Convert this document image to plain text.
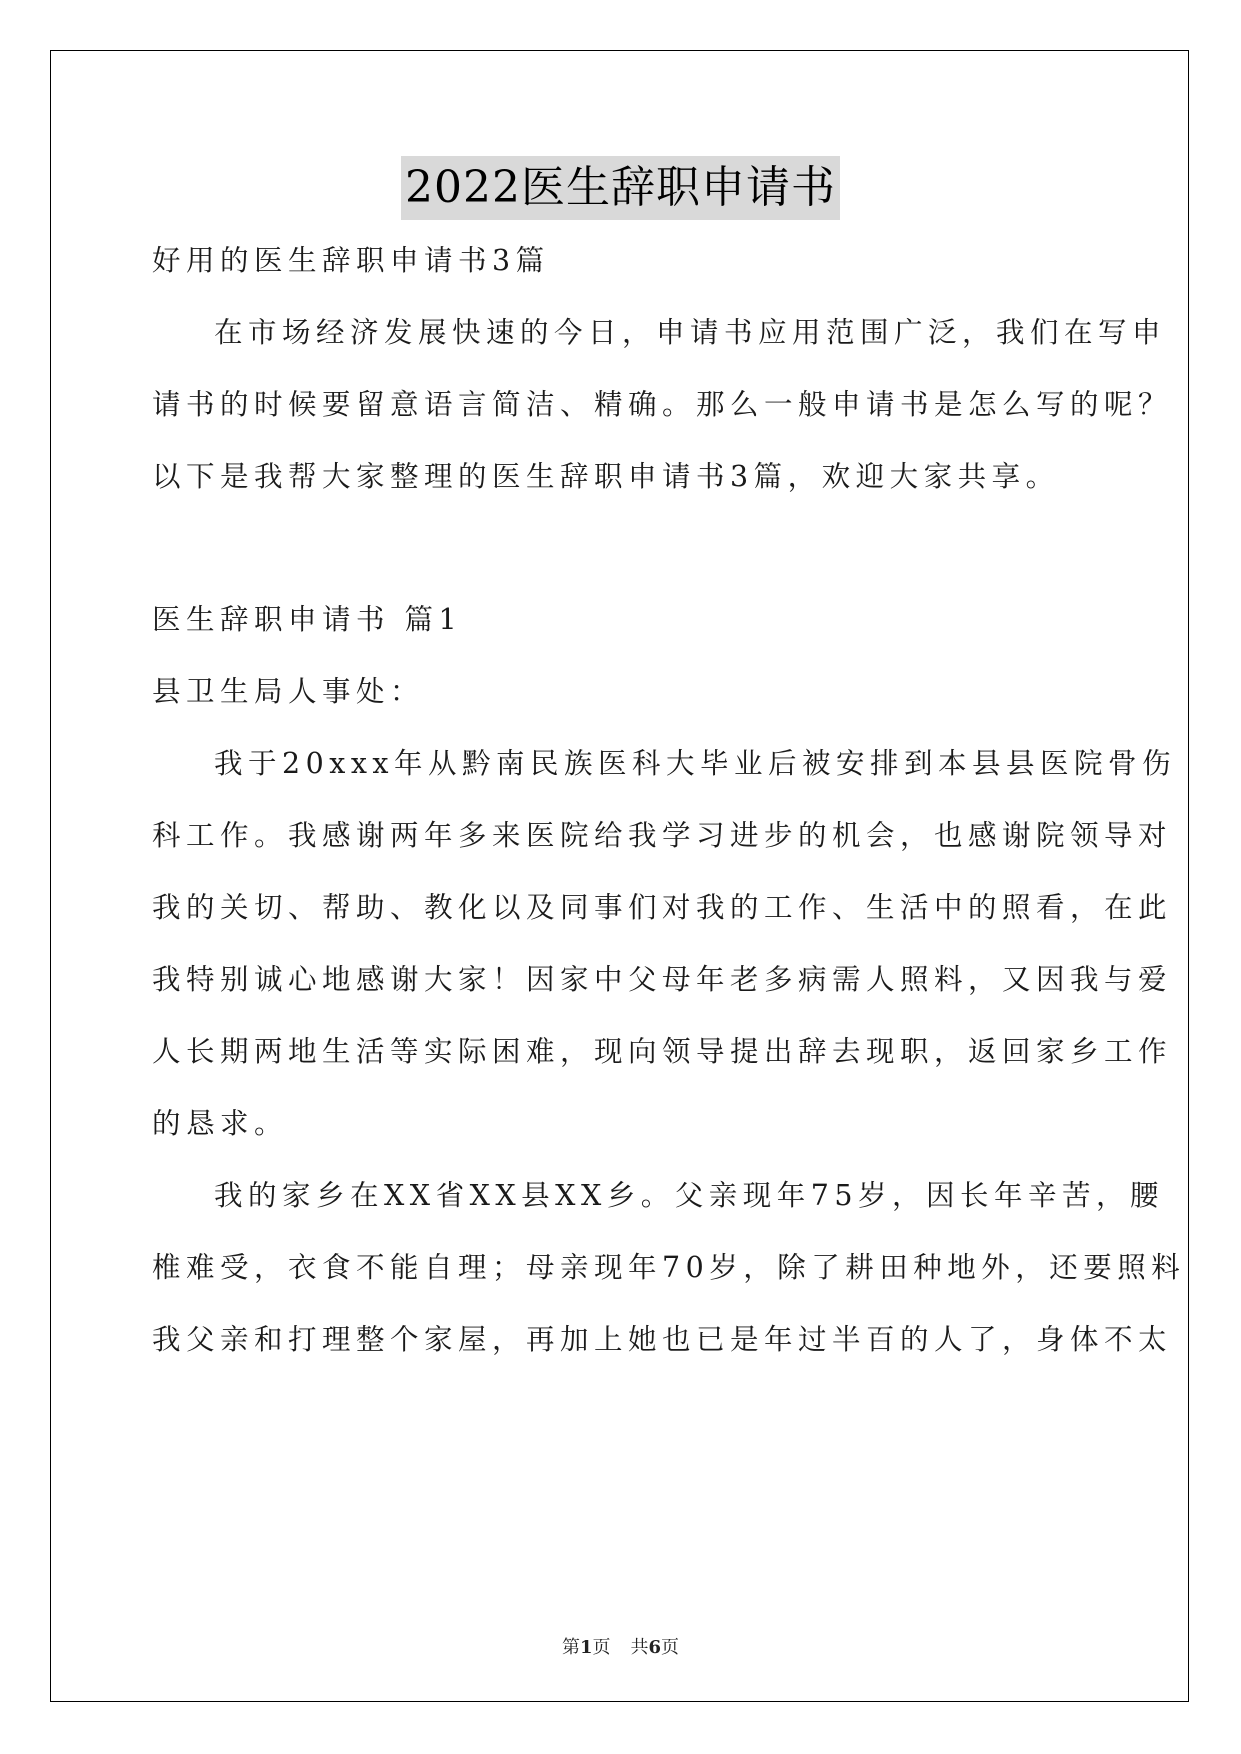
2022医生辞职申请书
好用的医生辞职申请书3篇
在市场经济发展快速的今日，申请书应用范围广泛，我们在写申
请书的时候要留意语言简洁、精确。那么一般申请书是怎么写的呢？
以下是我帮大家整理的医生辞职申请书3篇，欢迎大家共享。
医生辞职申请书 篇1
县卫生局人事处：
我于20xxx年从黔南民族医科大毕业后被安排到本县县医院骨伤
科工作。我感谢两年多来医院给我学习进步的机会，也感谢院领导对
我的关切、帮助、教化以及同事们对我的工作、生活中的照看，在此
我特别诚心地感谢大家！因家中父母年老多病需人照料，又因我与爱
人长期两地生活等实际困难，现向领导提出辞去现职，返回家乡工作
的恳求。
我的家乡在XX省XX县XX乡。父亲现年75岁，因长年辛苦，腰
椎难受，衣食不能自理；母亲现年70岁，除了耕田种地外，还要照料
我父亲和打理整个家屋，再加上她也已是年过半百的人了，身体不太
第1页 共6页
